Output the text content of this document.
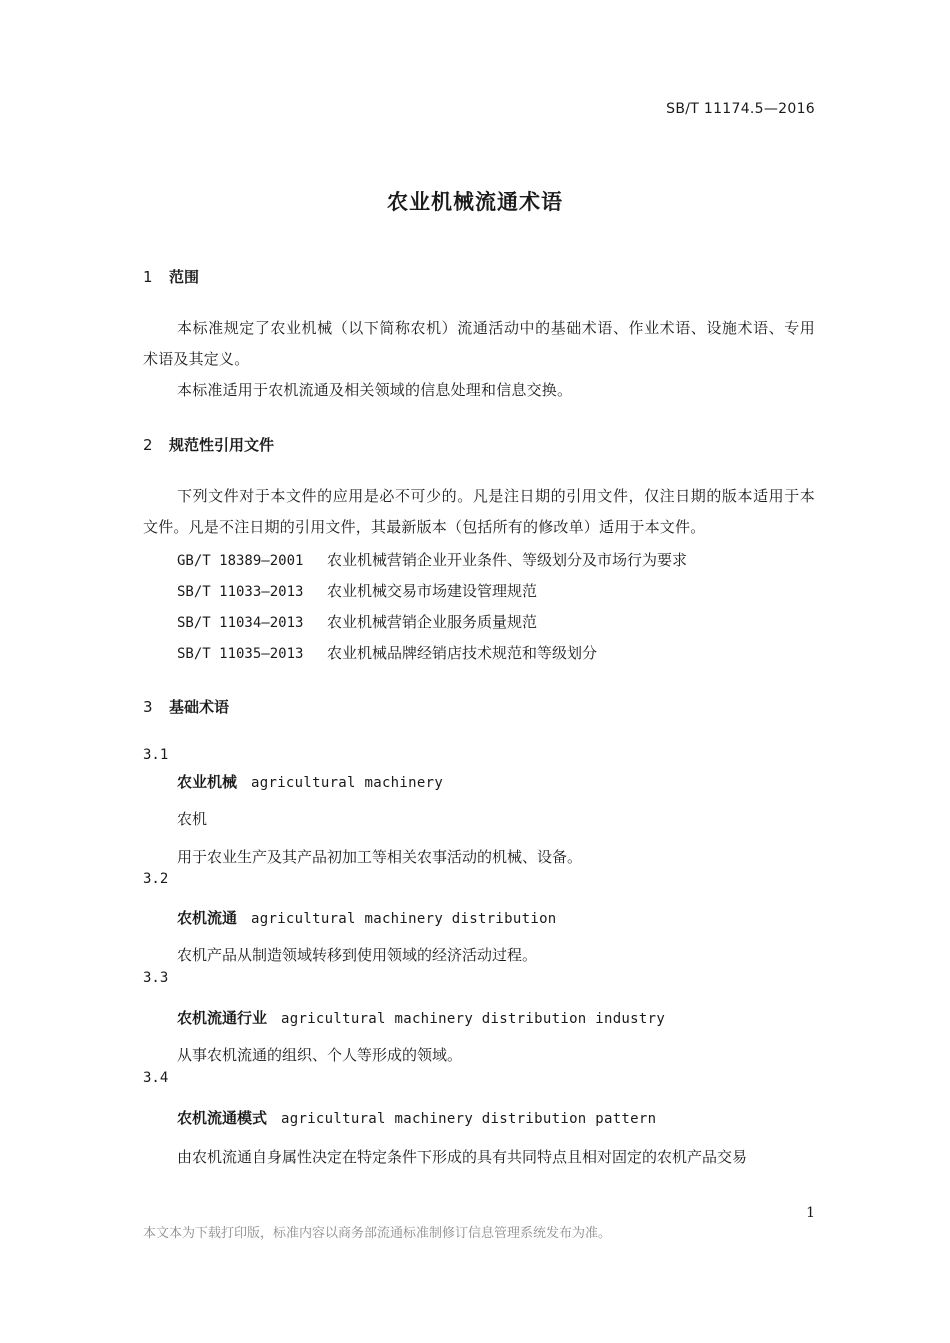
SB/T 11174.5—2016
农业机械流通术语
1 范围
本标准规定了农业机械（以下简称农机）流通活动中的基础术语、作业术语、设施术语、专用术语及其定义。
本标准适用于农机流通及相关领域的信息处理和信息交换。
2 规范性引用文件
下列文件对于本文件的应用是必不可少的。凡是注日期的引用文件，仅注日期的版本适用于本文件。凡是不注日期的引用文件，其最新版本（包括所有的修改单）适用于本文件。
GB/T 18389—2001 农业机械营销企业开业条件、等级划分及市场行为要求
SB/T 11033—2013 农业机械交易市场建设管理规范
SB/T 11034—2013 农业机械营销企业服务质量规范
SB/T 11035—2013 农业机械品牌经销店技术规范和等级划分
3 基础术语
3.1
农业机械 agricultural machinery
农机
用于农业生产及其产品初加工等相关农事活动的机械、设备。
3.2
农机流通 agricultural machinery distribution
农机产品从制造领域转移到使用领域的经济活动过程。
3.3
农机流通行业 agricultural machinery distribution industry
从事农机流通的组织、个人等形成的领域。
3.4
农机流通模式 agricultural machinery distribution pattern
由农机流通自身属性决定在特定条件下形成的具有共同特点且相对固定的农机产品交易
1
本文本为下载打印版，标准内容以商务部流通标准制修订信息管理系统发布为准。
